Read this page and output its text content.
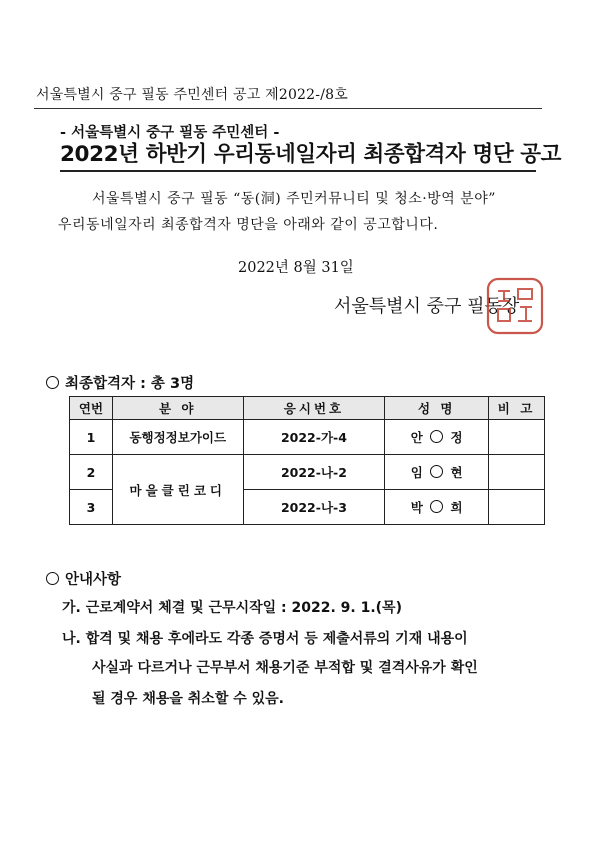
서울특별시 중구 필동 주민센터 공고 제2022-/8호
- 서울특별시 중구 필동 주민센터 -
2022년 하반기 우리동네일자리 최종합격자 명단 공고
서울특별시 중구 필동 “동(洞) 주민커뮤니티 및 청소·방역 분야”
우리동네일자리 최종합격자 명단을 아래와 같이 공고합니다.
2022년 8월 31일
서울특별시 중구 필동장
최종합격자 : 총 3명
연번	분 야	응시번호	성 명	비 고
1	동행정정보가이드	2022-가-4	안 정	
2	마을클린코디	2022-나-2	임 현	
3		2022-나-3	박 희	
안내사항
가. 근로계약서 체결 및 근무시작일 : 2022. 9. 1.(목)
나. 합격 및 채용 후에라도 각종 증명서 등 제출서류의 기재 내용이
사실과 다르거나 근무부서 채용기준 부적합 및 결격사유가 확인
될 경우 채용을 취소할 수 있음.
